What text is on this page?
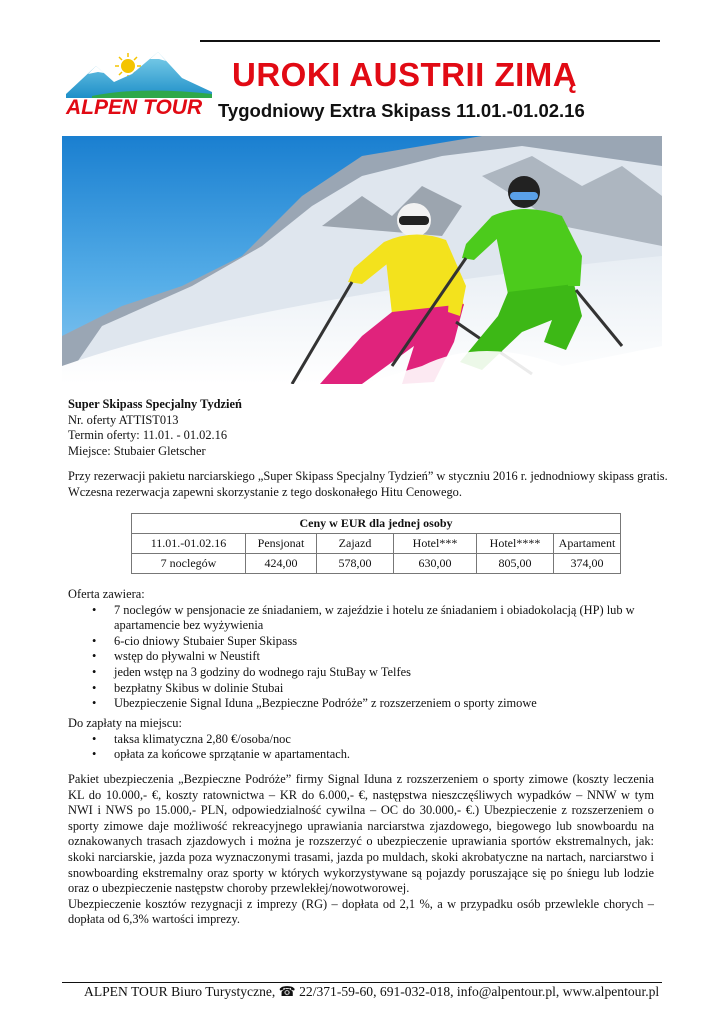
ALPEN TOUR
UROKI AUSTRII ZIMĄ
Tygodniowy Extra Skipass 11.01.-01.02.16
Super Skipass Specjalny Tydzień
Nr. oferty ATTIST013
Termin oferty: 11.01. - 01.02.16
Miejsce: Stubaier Gletscher
Przy rezerwacji pakietu narciarskiego „Super Skipass Specjalny Tydzień” w styczniu 2016 r. jednodniowy skipass gratis.
Wczesna rezerwacja zapewni skorzystanie z tego doskonałego Hitu Cenowego.
Ceny w EUR dla jednej osoby					
11.01.-01.02.16	Pensjonat	Zajazd	Hotel***	Hotel****	Apartament
7 noclegów	424,00	578,00	630,00	805,00	374,00
Oferta zawiera:
• 7 noclegów w pensjonacie ze śniadaniem, w zajeździe i hotelu ze śniadaniem i obiadokolacją (HP) lub w apartamencie bez wyżywienia
• 6-cio dniowy Stubaier Super Skipass
• wstęp do pływalni w Neustift
• jeden wstęp na 3 godziny do wodnego raju StuBay w Telfes
• bezpłatny Skibus w dolinie Stubai
• Ubezpieczenie Signal Iduna „Bezpieczne Podróże” z rozszerzeniem o sporty zimowe
Do zapłaty na miejscu:
• taksa klimatyczna 2,80 €/osoba/noc
• opłata za końcowe sprzątanie w apartamentach.

Pakiet ubezpieczenia „Bezpieczne Podróże” firmy Signal Iduna z rozszerzeniem o sporty zimowe (koszty leczenia KL do 10.000,- €, koszty ratownictwa – KR do 6.000,- €, następstwa nieszczęśliwych wypadków – NNW w tym NWI i NWS po 15.000,- PLN, odpowiedzialność cywilna – OC do 30.000,- €.) Ubezpieczenie z rozszerzeniem o sporty zimowe daje możliwość rekreacyjnego uprawiania narciarstwa zjazdowego, biegowego lub snowboardu na oznakowanych trasach zjazdowych i można je rozszerzyć o ubezpieczenie uprawiania sportów ekstremalnych, jak: skoki narciarskie, jazda poza wyznaczonymi trasami, jazda po muldach, skoki akrobatyczne na nartach, narciarstwo i snowboarding ekstremalny oraz sporty w których wykorzystywane są pojazdy poruszające się po śniegu lub lodzie oraz o ubezpieczenie następstw choroby przewlekłej/nowotworowej.

Ubezpieczenie kosztów rezygnacji z imprezy (RG) – dopłata od 2,1 %, a w przypadku osób przewlekle chorych – dopłata od 6,3% wartości imprezy.

ALPEN TOUR Biuro Turystyczne, ☎ 22/371-59-60, 691-032-018, info@alpentour.pl, www.alpentour.pl
